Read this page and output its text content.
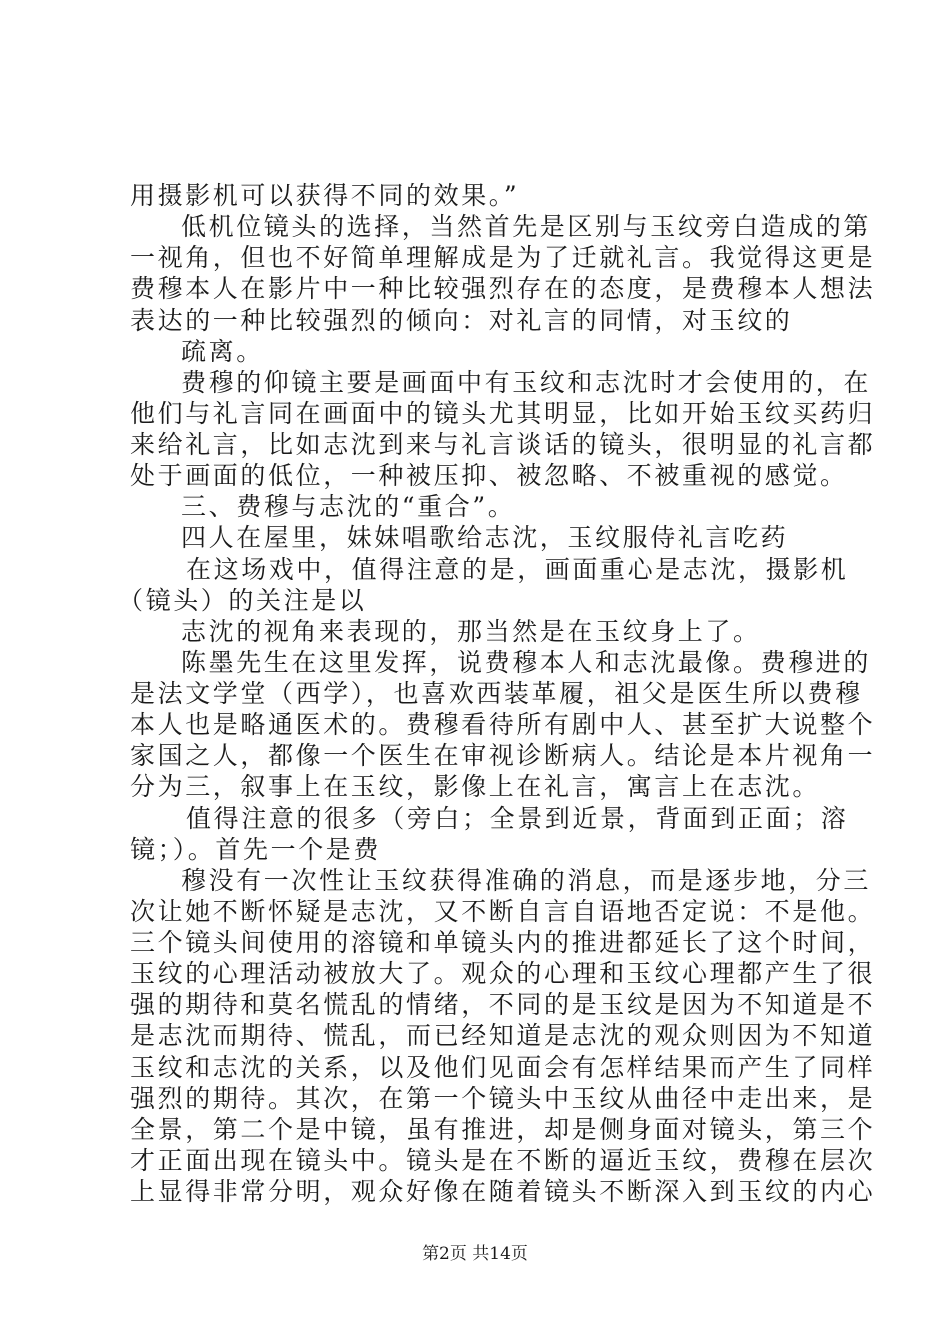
用摄影机可以获得不同的效果。”
低机位镜头的选择，当然首先是区别与玉纹旁白造成的第
一视角，但也不好简单理解成是为了迁就礼言。我觉得这更是
费穆本人在影片中一种比较强烈存在的态度，是费穆本人想法
表达的一种比较强烈的倾向：对礼言的同情，对玉纹的
疏离。
费穆的仰镜主要是画面中有玉纹和志沈时才会使用的，在
他们与礼言同在画面中的镜头尤其明显，比如开始玉纹买药归
来给礼言，比如志沈到来与礼言谈话的镜头，很明显的礼言都
处于画面的低位，一种被压抑、被忽略、不被重视的感觉。
三、费穆与志沈的“重合”。
四人在屋里，妹妹唱歌给志沈，玉纹服侍礼言吃药
在这场戏中，值得注意的是，画面重心是志沈，摄影机
（镜头）的关注是以
志沈的视角来表现的，那当然是在玉纹身上了。
陈墨先生在这里发挥，说费穆本人和志沈最像。费穆进的
是法文学堂（西学），也喜欢西装革履，祖父是医生所以费穆
本人也是略通医术的。费穆看待所有剧中人、甚至扩大说整个
家国之人，都像一个医生在审视诊断病人。结论是本片视角一
分为三，叙事上在玉纹，影像上在礼言，寓言上在志沈。
值得注意的很多（旁白；全景到近景，背面到正面；溶
镜；）。首先一个是费
穆没有一次性让玉纹获得准确的消息，而是逐步地，分三
次让她不断怀疑是志沈，又不断自言自语地否定说：不是他。
三个镜头间使用的溶镜和单镜头内的推进都延长了这个时间，
玉纹的心理活动被放大了。观众的心理和玉纹心理都产生了很
强的期待和莫名慌乱的情绪，不同的是玉纹是因为不知道是不
是志沈而期待、慌乱，而已经知道是志沈的观众则因为不知道
玉纹和志沈的关系，以及他们见面会有怎样结果而产生了同样
强烈的期待。其次，在第一个镜头中玉纹从曲径中走出来，是
全景，第二个是中镜，虽有推进，却是侧身面对镜头，第三个
才正面出现在镜头中。镜头是在不断的逼近玉纹，费穆在层次
上显得非常分明，观众好像在随着镜头不断深入到玉纹的内心
第2页 共14页
